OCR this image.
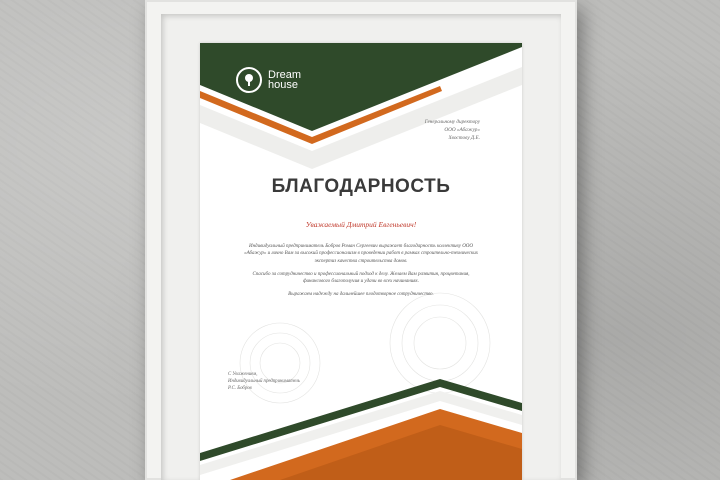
Dream
house
Генеральному директору
ООО «Абажур»
Хвостову Д.Е.
БЛАГОДАРНОСТЬ
Уважаемый Дмитрий Евгеньевич!

Индивидуальный предприниматель Бобров Роман Сергеевич выражает благодарность коллективу ООО «Абажур» и лично Вам за высокий профессионализм в проведении работ в рамках строительно-технических экспертиз качества строительства домов.

Спасибо за сотрудничество и профессиональный подход к делу. Желаем Вам развития, процветания, финансового благополучия и удачи во всех начинаниях.

Выражаем надежду на дальнейшее плодотворное сотрудничество.

С Уважением,
Индивидуальный предприниматель
Р.С. Бобров
